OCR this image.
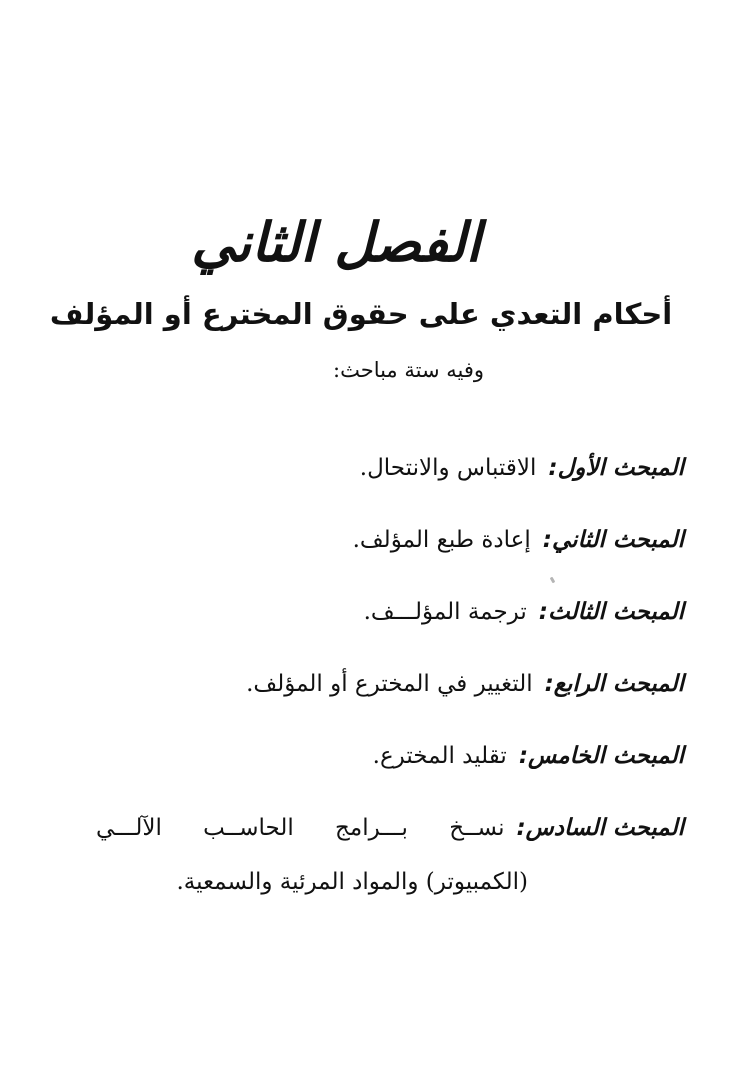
الفصل الثاني
أحكام التعدي على حقوق المخترع أو المؤلف
وفيه ستة مباحث:
المبحث الأول:
الاقتباس والانتحال.
المبحث الثاني:
إعادة طبع المؤلف.
المبحث الثالث:
ترجمة المؤلـــف.
المبحث الرابع:
التغيير في المخترع أو المؤلف.
المبحث الخامس:
تقليد المخترع.
المبحث السادس:
نســخ بـــرامج الحاســب الآلـــي
(الكمبيوتر) والمواد المرئية والسمعية.
